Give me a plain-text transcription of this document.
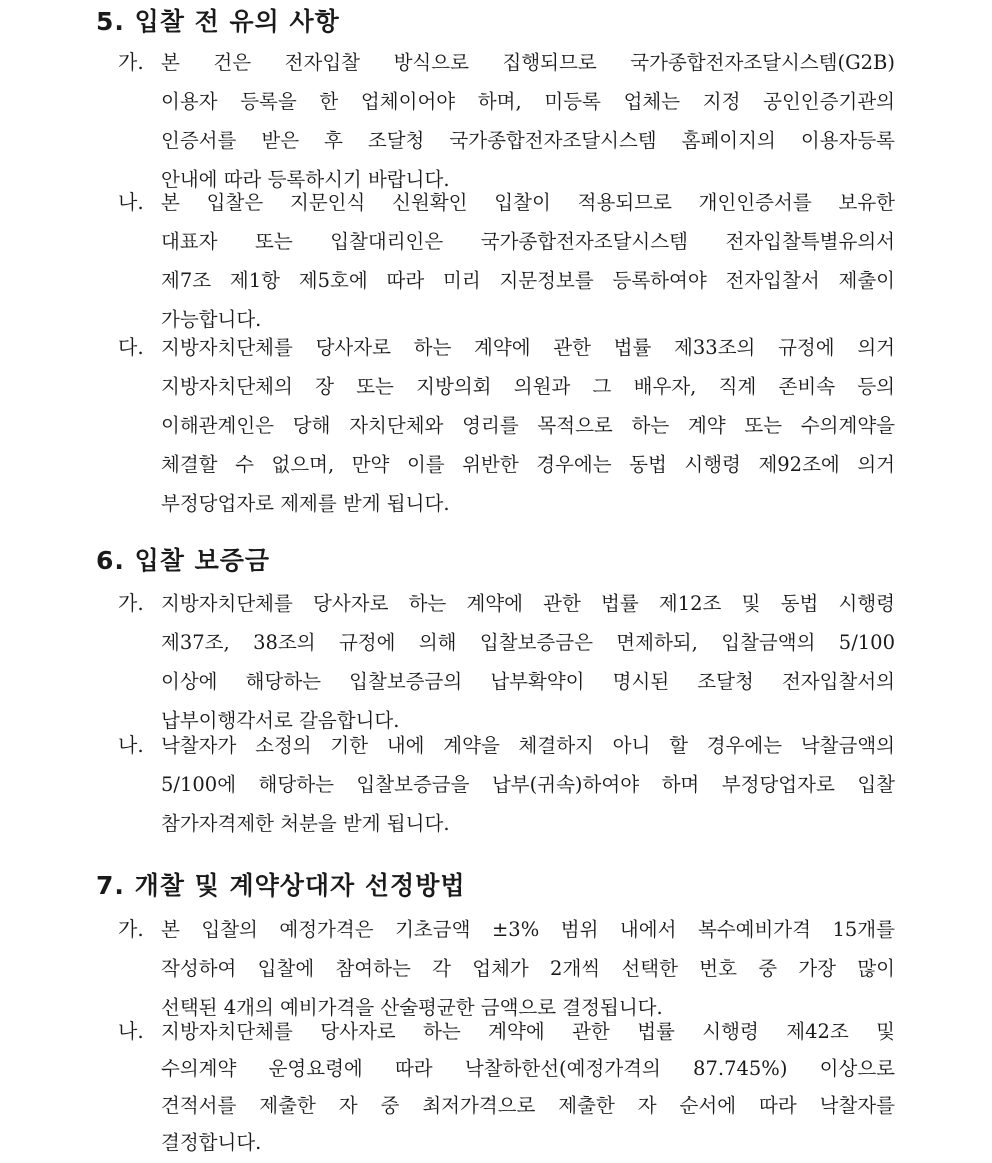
5. 입찰 전 유의 사항
가. 본 건은 전자입찰 방식으로 집행되므로 국가종합전자조달시스템(G2B)
이용자 등록을 한 업체이어야 하며, 미등록 업체는 지정 공인인증기관의
인증서를 받은 후 조달청 국가종합전자조달시스템 홈페이지의 이용자등록
안내에 따라 등록하시기 바랍니다.
나. 본 입찰은 지문인식 신원확인 입찰이 적용되므로 개인인증서를 보유한
대표자 또는 입찰대리인은 국가종합전자조달시스템 전자입찰특별유의서
제7조 제1항 제5호에 따라 미리 지문정보를 등록하여야 전자입찰서 제출이
가능합니다.
다. 지방자치단체를 당사자로 하는 계약에 관한 법률 제33조의 규정에 의거
지방자치단체의 장 또는 지방의회 의원과 그 배우자, 직계 존비속 등의
이해관계인은 당해 자치단체와 영리를 목적으로 하는 계약 또는 수의계약을
체결할 수 없으며, 만약 이를 위반한 경우에는 동법 시행령 제92조에 의거
부정당업자로 제제를 받게 됩니다.
6. 입찰 보증금
가. 지방자치단체를 당사자로 하는 계약에 관한 법률 제12조 및 동법 시행령
제37조, 38조의 규정에 의해 입찰보증금은 면제하되, 입찰금액의 5/100
이상에 해당하는 입찰보증금의 납부확약이 명시된 조달청 전자입찰서의
납부이행각서로 갈음합니다.
나. 낙찰자가 소정의 기한 내에 계약을 체결하지 아니 할 경우에는 낙찰금액의
5/100에 해당하는 입찰보증금을 납부(귀속)하여야 하며 부정당업자로 입찰
참가자격제한 처분을 받게 됩니다.
7. 개찰 및 계약상대자 선정방법
가. 본 입찰의 예정가격은 기초금액 ±3% 범위 내에서 복수예비가격 15개를
작성하여 입찰에 참여하는 각 업체가 2개씩 선택한 번호 중 가장 많이
선택된 4개의 예비가격을 산술평균한 금액으로 결정됩니다.
나. 지방자치단체를 당사자로 하는 계약에 관한 법률 시행령 제42조 및
수의계약 운영요령에 따라 낙찰하한선(예정가격의 87.745%) 이상으로
견적서를 제출한 자 중 최저가격으로 제출한 자 순서에 따라 낙찰자를
결정합니다.
